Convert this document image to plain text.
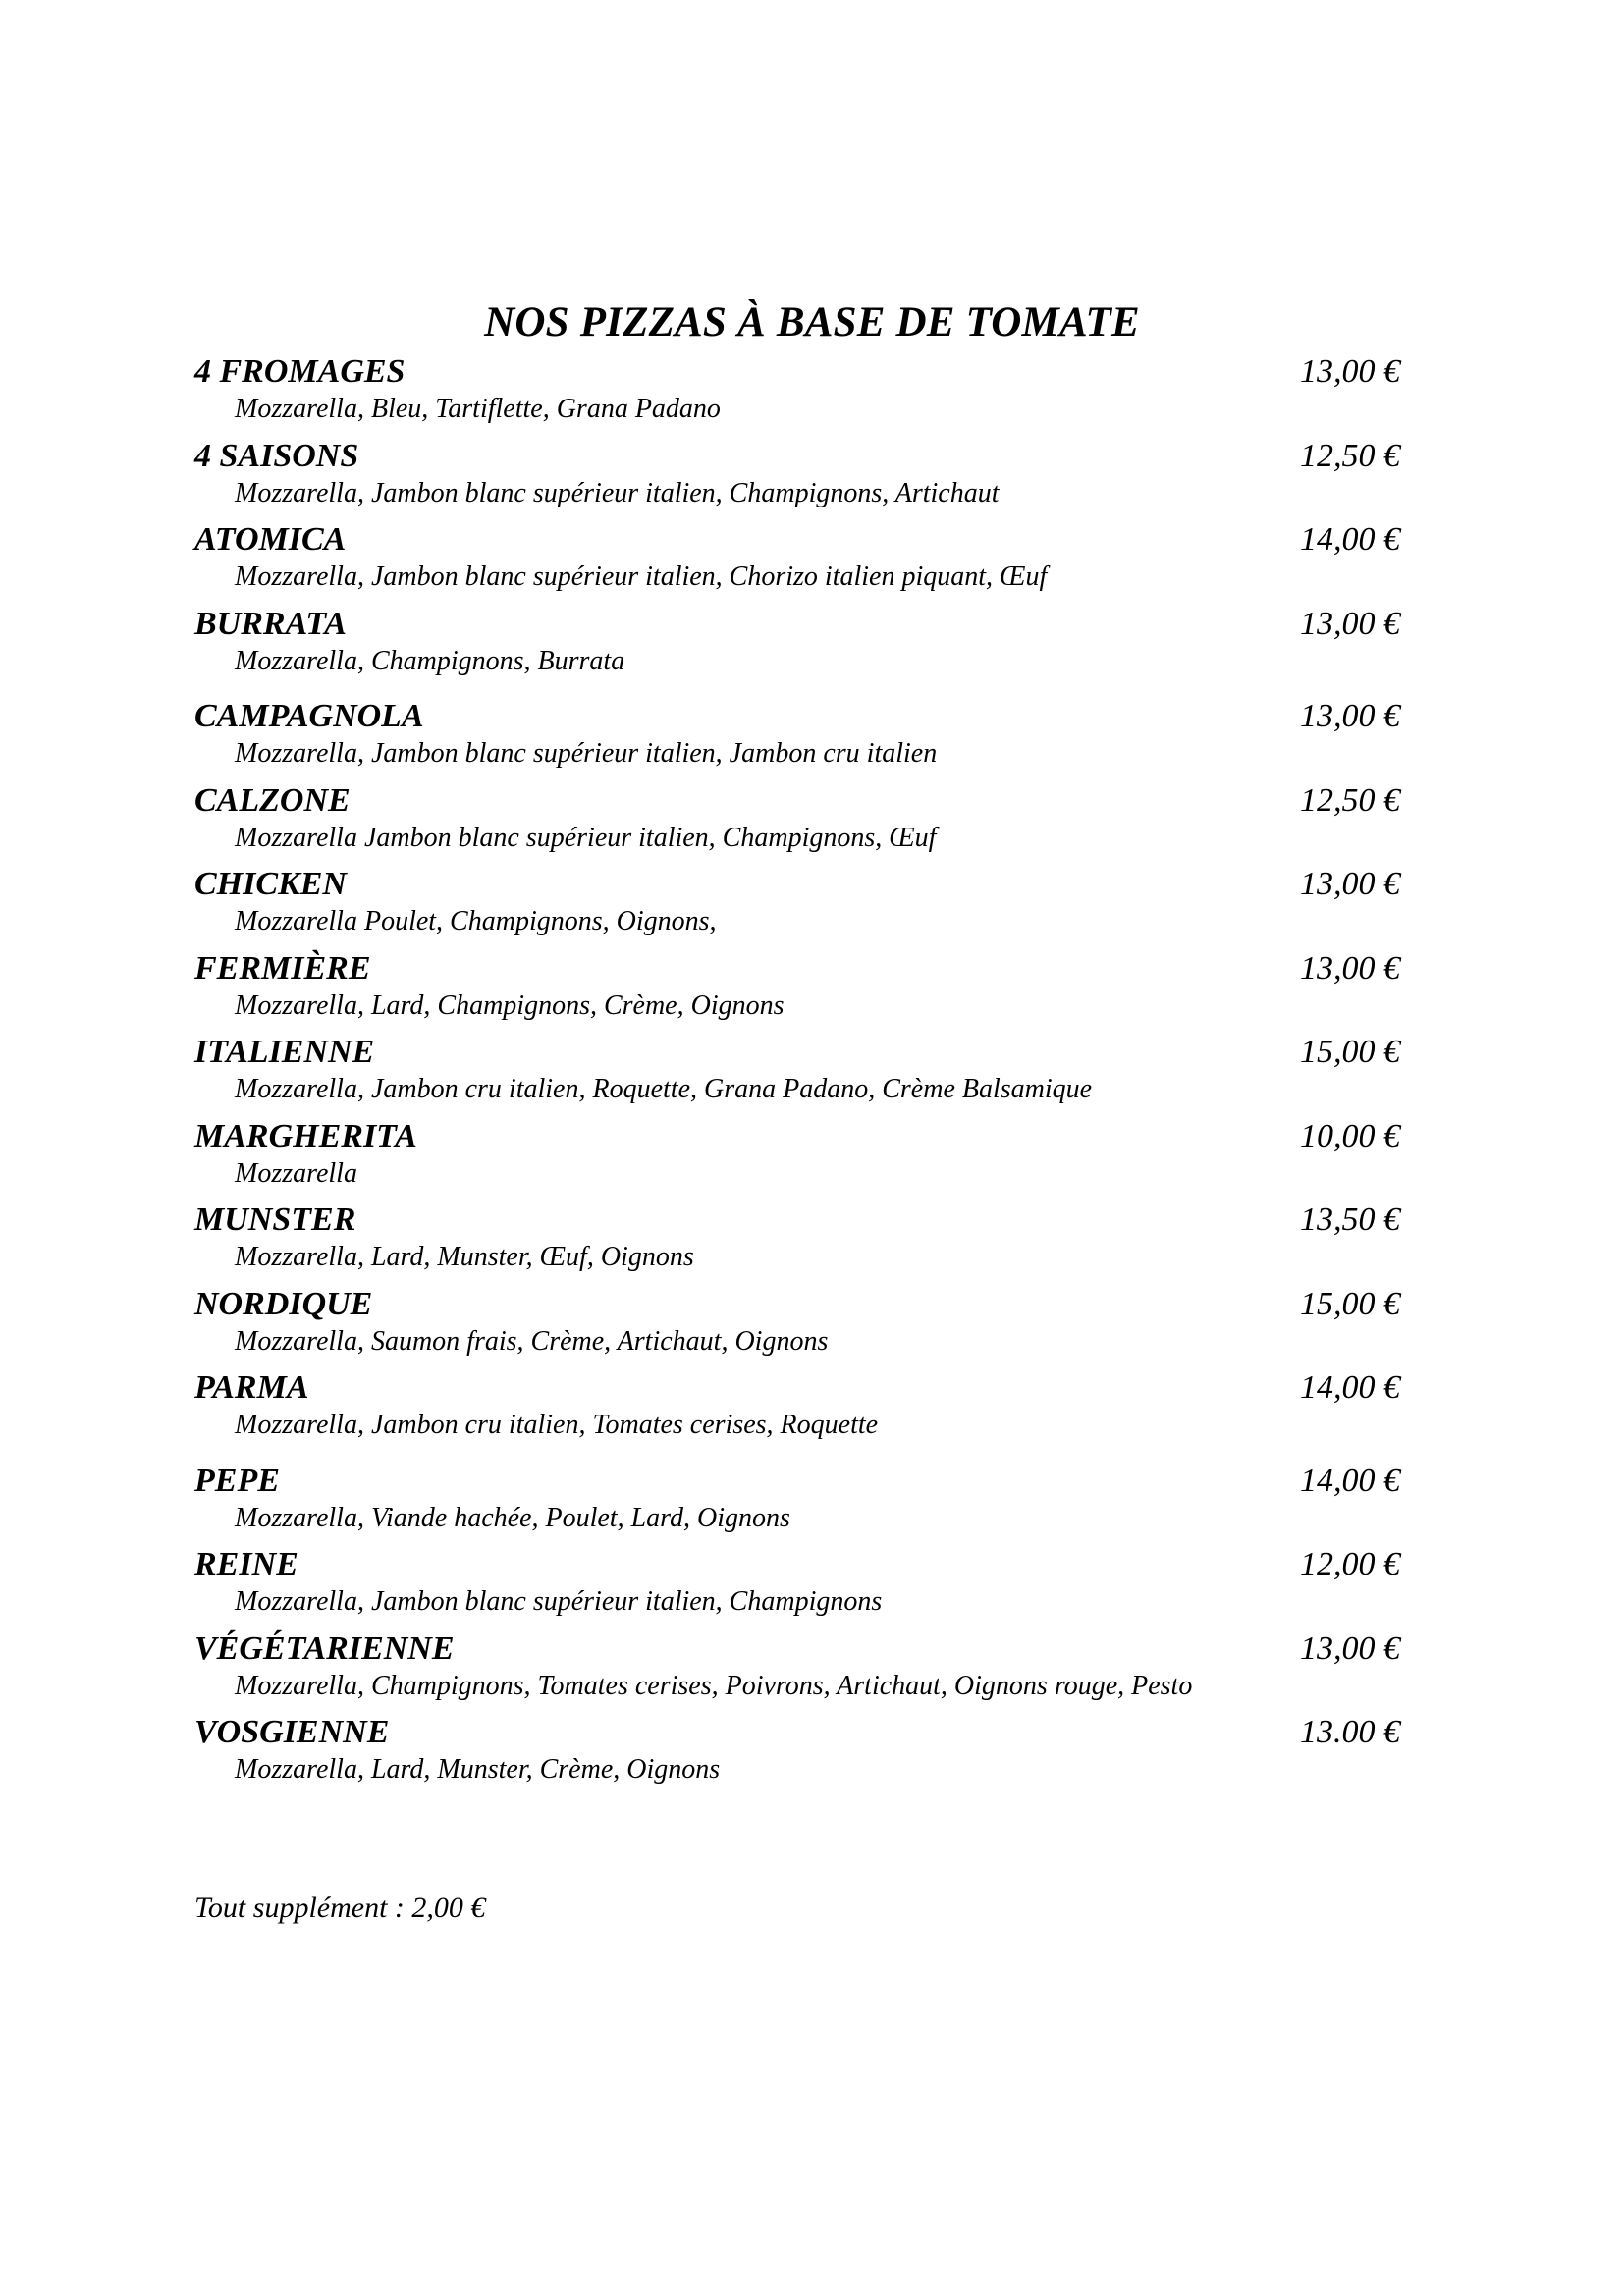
NOS PIZZAS À BASE DE TOMATE
4 FROMAGES	13,00 €
Mozzarella, Bleu, Tartiflette, Grana Padano
4 SAISONS	12,50 €
Mozzarella, Jambon blanc supérieur italien, Champignons, Artichaut
ATOMICA	14,00 €
Mozzarella, Jambon blanc supérieur italien, Chorizo italien piquant, Œuf
BURRATA	13,00 €
Mozzarella, Champignons, Burrata
CAMPAGNOLA	13,00 €
Mozzarella, Jambon blanc supérieur italien, Jambon cru italien
CALZONE	12,50 €
Mozzarella Jambon blanc supérieur italien, Champignons, Œuf
CHICKEN	13,00 €
Mozzarella Poulet, Champignons, Oignons,
FERMIÈRE	13,00 €
Mozzarella, Lard, Champignons, Crème, Oignons
ITALIENNE	15,00 €
Mozzarella, Jambon cru italien, Roquette, Grana Padano, Crème Balsamique
MARGHERITA	10,00 €
Mozzarella
MUNSTER	13,50 €
Mozzarella, Lard, Munster, Œuf, Oignons
NORDIQUE	15,00 €
Mozzarella, Saumon frais, Crème, Artichaut, Oignons
PARMA	14,00 €
Mozzarella, Jambon cru italien, Tomates cerises, Roquette
PEPE	14,00 €
Mozzarella, Viande hachée, Poulet, Lard, Oignons
REINE	12,00 €
Mozzarella, Jambon blanc supérieur italien, Champignons
VÉGÉTARIENNE	13,00 €
Mozzarella, Champignons, Tomates cerises, Poivrons, Artichaut, Oignons rouge, Pesto
VOSGIENNE	13.00 €
Mozzarella, Lard, Munster, Crème, Oignons

Tout supplément : 2,00 €
